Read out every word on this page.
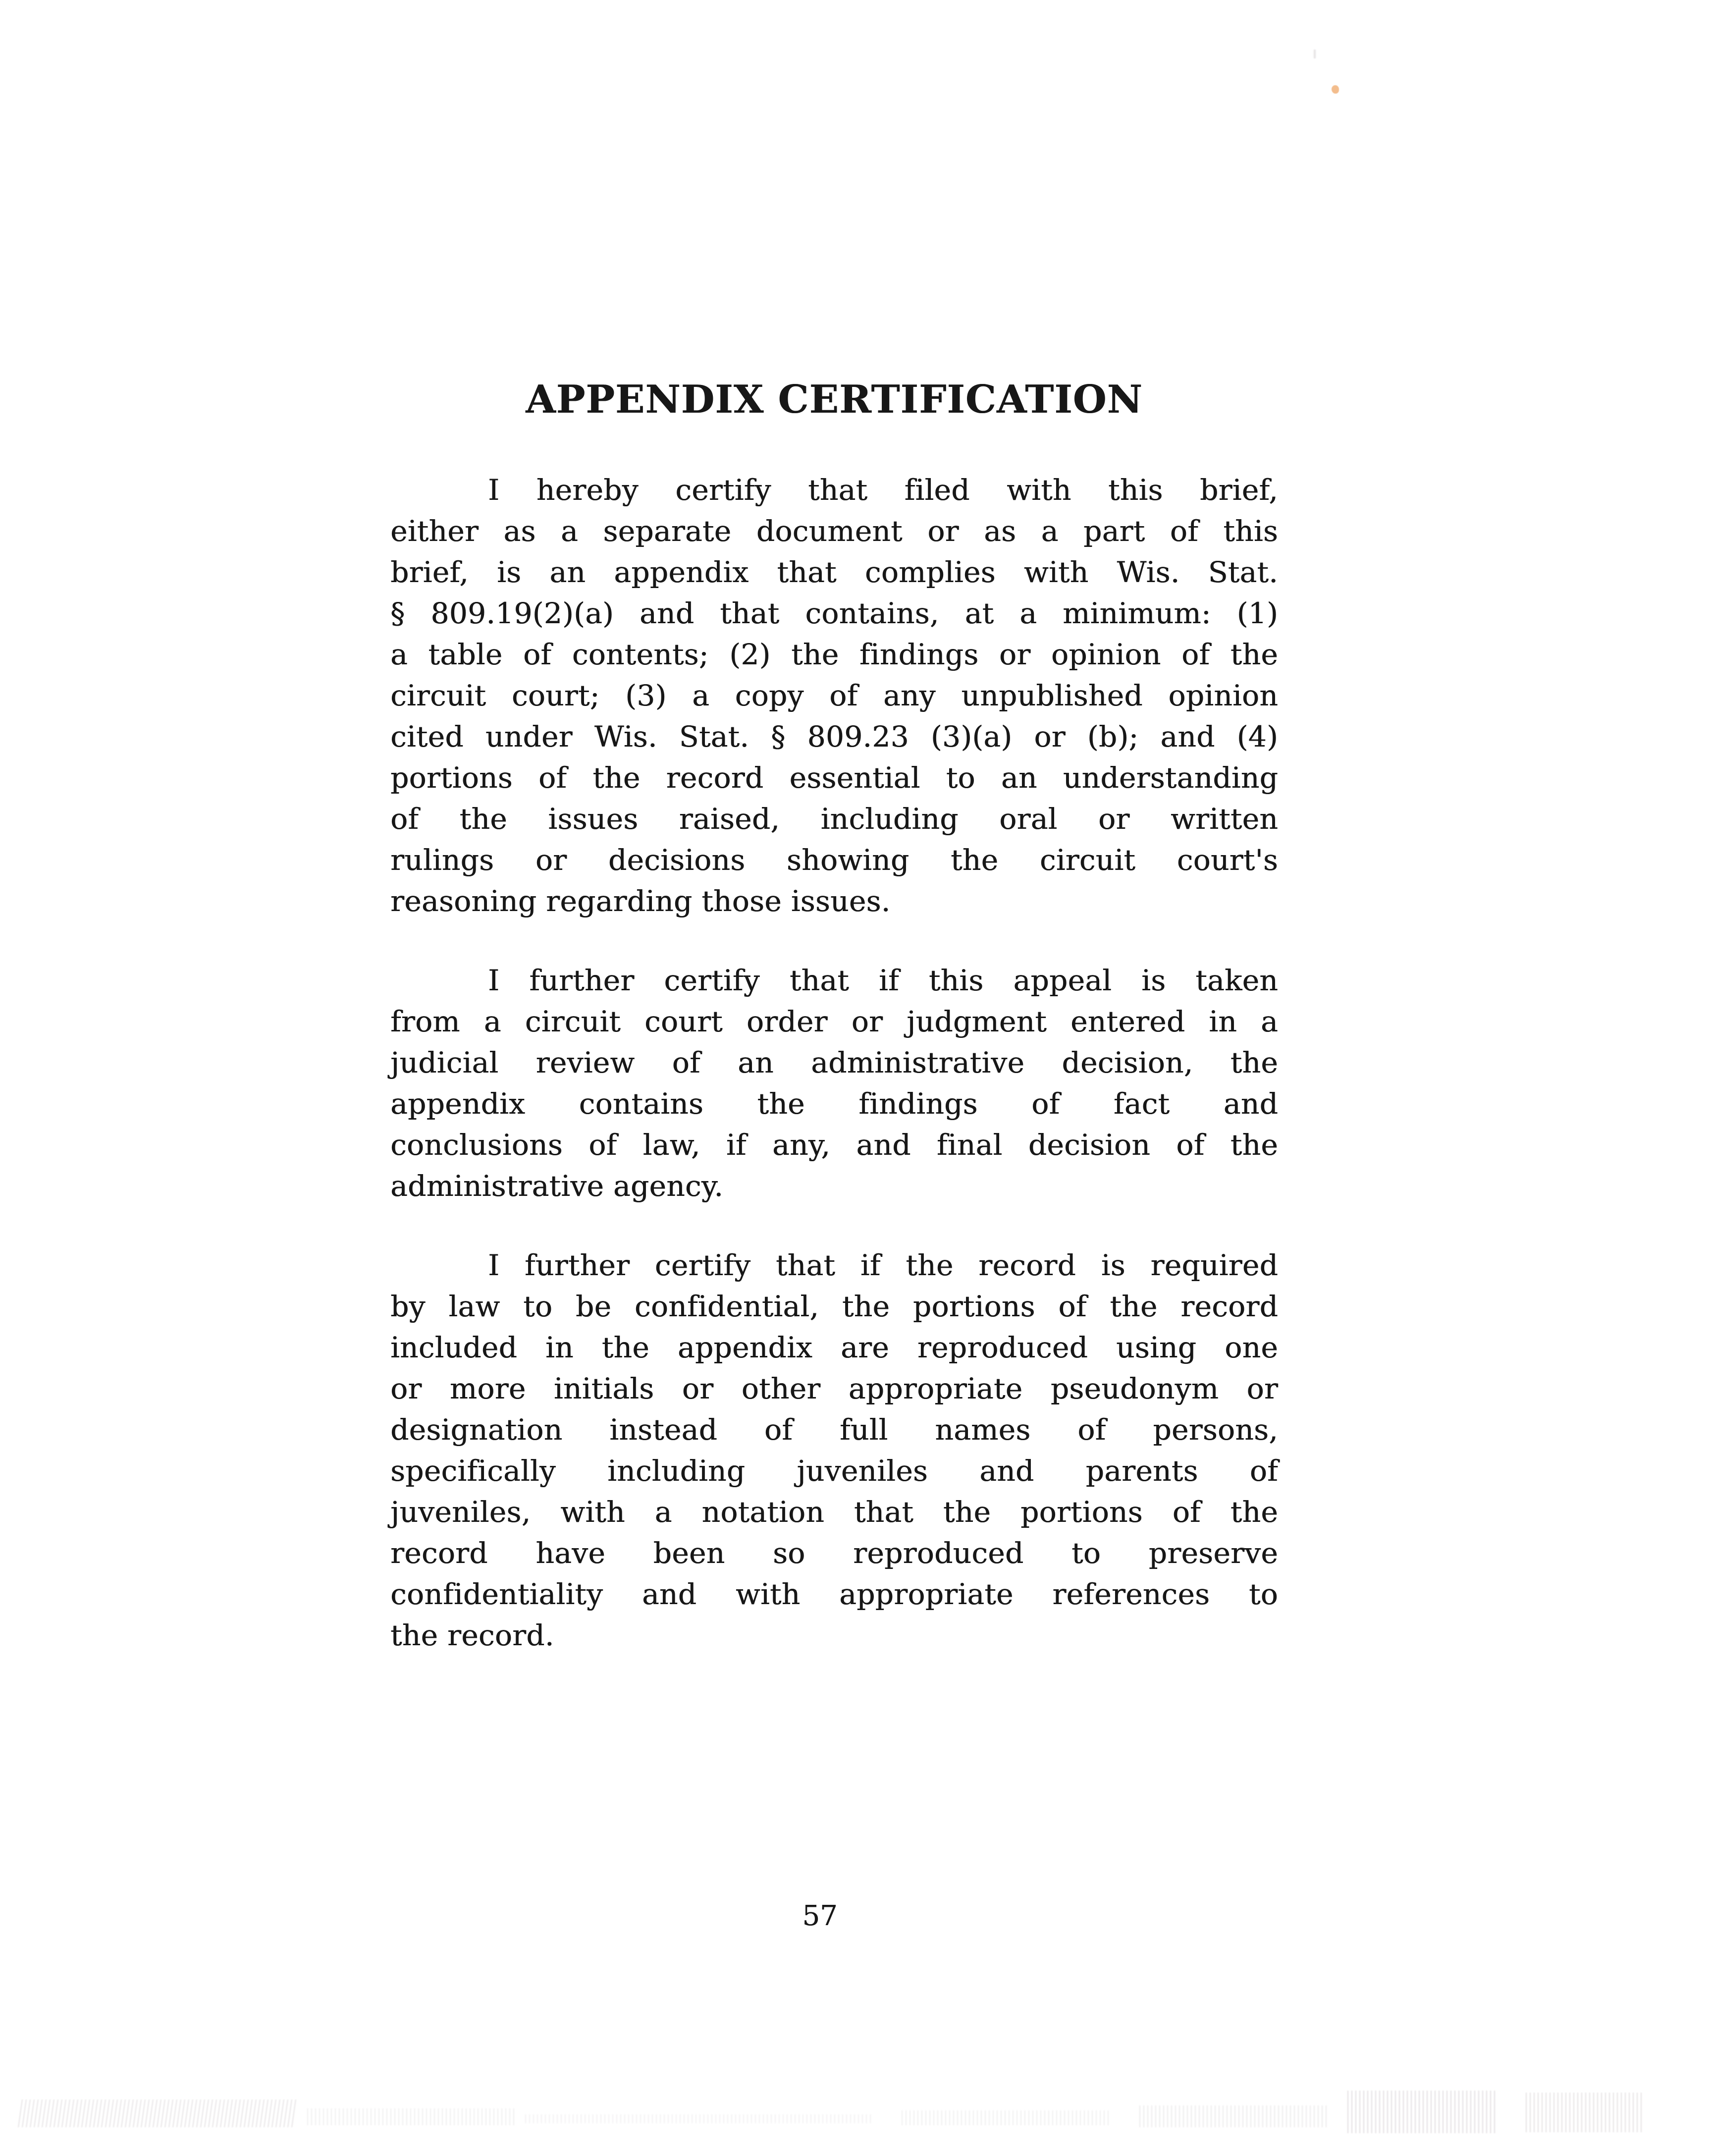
APPENDIX CERTIFICATION
I hereby certify that filed with this brief,
either as a separate document or as a part of this
brief, is an appendix that complies with Wis. Stat.
§ 809.19(2)(a) and that contains, at a minimum: (1)
a table of contents; (2) the findings or opinion of the
circuit court; (3) a copy of any unpublished opinion
cited under Wis. Stat. § 809.23 (3)(a) or (b); and (4)
portions of the record essential to an understanding
of the issues raised, including oral or written
rulings or decisions showing the circuit court's
reasoning regarding those issues.
I further certify that if this appeal is taken
from a circuit court order or judgment entered in a
judicial review of an administrative decision, the
appendix contains the findings of fact and
conclusions of law, if any, and final decision of the
administrative agency.
I further certify that if the record is required
by law to be confidential, the portions of the record
included in the appendix are reproduced using one
or more initials or other appropriate pseudonym or
designation instead of full names of persons,
specifically including juveniles and parents of
juveniles, with a notation that the portions of the
record have been so reproduced to preserve
confidentiality and with appropriate references to
the record.
57
